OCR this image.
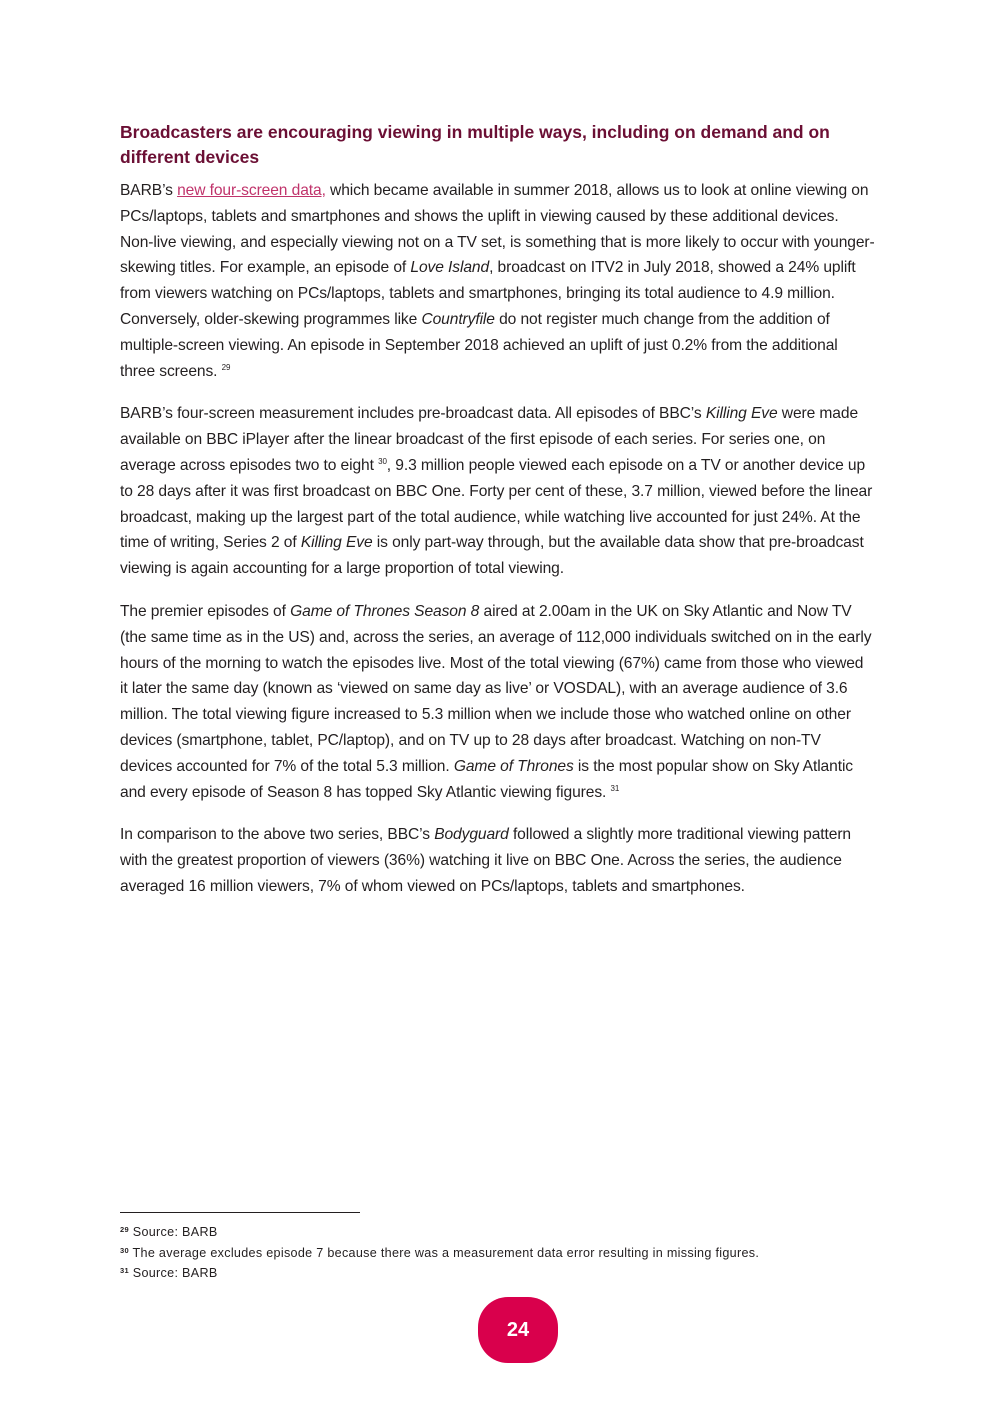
Broadcasters are encouraging viewing in multiple ways, including on demand and on different devices

BARB’s new four-screen data, which became available in summer 2018, allows us to look at online viewing on PCs/laptops, tablets and smartphones and shows the uplift in viewing caused by these additional devices. Non-live viewing, and especially viewing not on a TV set, is something that is more likely to occur with younger-skewing titles. For example, an episode of Love Island, broadcast on ITV2 in July 2018, showed a 24% uplift from viewers watching on PCs/laptops, tablets and smartphones, bringing its total audience to 4.9 million. Conversely, older-skewing programmes like Countryfile do not register much change from the addition of multiple-screen viewing. An episode in September 2018 achieved an uplift of just 0.2% from the additional three screens. $^{29}$

BARB’s four-screen measurement includes pre-broadcast data. All episodes of BBC’s Killing Eve were made available on BBC iPlayer after the linear broadcast of the first episode of each series. For series one, on average across episodes two to eight $^{30}$, 9.3 million people viewed each episode on a TV or another device up to 28 days after it was first broadcast on BBC One. Forty per cent of these, 3.7 million, viewed before the linear broadcast, making up the largest part of the total audience, while watching live accounted for just 24%. At the time of writing, Series 2 of Killing Eve is only part-way through, but the available data show that pre-broadcast viewing is again accounting for a large proportion of total viewing.

The premier episodes of Game of Thrones Season 8 aired at 2.00am in the UK on Sky Atlantic and Now TV (the same time as in the US) and, across the series, an average of 112,000 individuals switched on in the early hours of the morning to watch the episodes live. Most of the total viewing (67%) came from those who viewed it later the same day (known as ‘viewed on same day as live’ or VOSDAL), with an average audience of 3.6 million. The total viewing figure increased to 5.3 million when we include those who watched online on other devices (smartphone, tablet, PC/laptop), and on TV up to 28 days after broadcast. Watching on non-TV devices accounted for 7% of the total 5.3 million. Game of Thrones is the most popular show on Sky Atlantic and every episode of Season 8 has topped Sky Atlantic viewing figures. $^{31}$

In comparison to the above two series, BBC’s Bodyguard followed a slightly more traditional viewing pattern with the greatest proportion of viewers (36%) watching it live on BBC One. Across the series, the audience averaged 16 million viewers, 7% of whom viewed on PCs/laptops, tablets and smartphones.

$^{29}$ Source: BARB
$^{30}$ The average excludes episode 7 because there was a measurement data error resulting in missing figures.
$^{31}$ Source: BARB
24
